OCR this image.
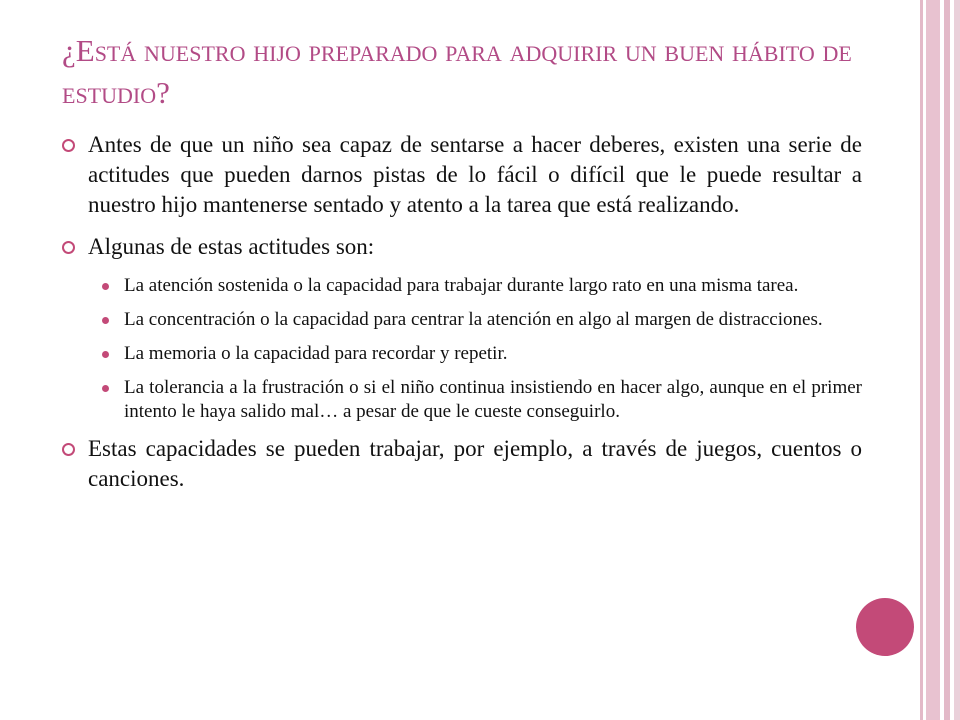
¿Está nuestro hijo preparado para adquirir un buen hábito de estudio?

Antes de que un niño sea capaz de sentarse a hacer deberes, existen una serie de actitudes que pueden darnos pistas de lo fácil o difícil que le puede resultar a nuestro hijo mantenerse sentado y atento a la tarea que está realizando.

Algunas de estas actitudes son:

La atención sostenida o la capacidad para trabajar durante largo rato en una misma tarea.

La concentración o la capacidad para centrar la atención en algo al margen de distracciones.

La memoria o la capacidad para recordar y repetir.

La tolerancia a la frustración o si el niño continua insistiendo en hacer algo, aunque en el primer intento le haya salido mal… a pesar de que le cueste conseguirlo.

Estas capacidades se pueden trabajar, por ejemplo, a través de juegos, cuentos o canciones.
